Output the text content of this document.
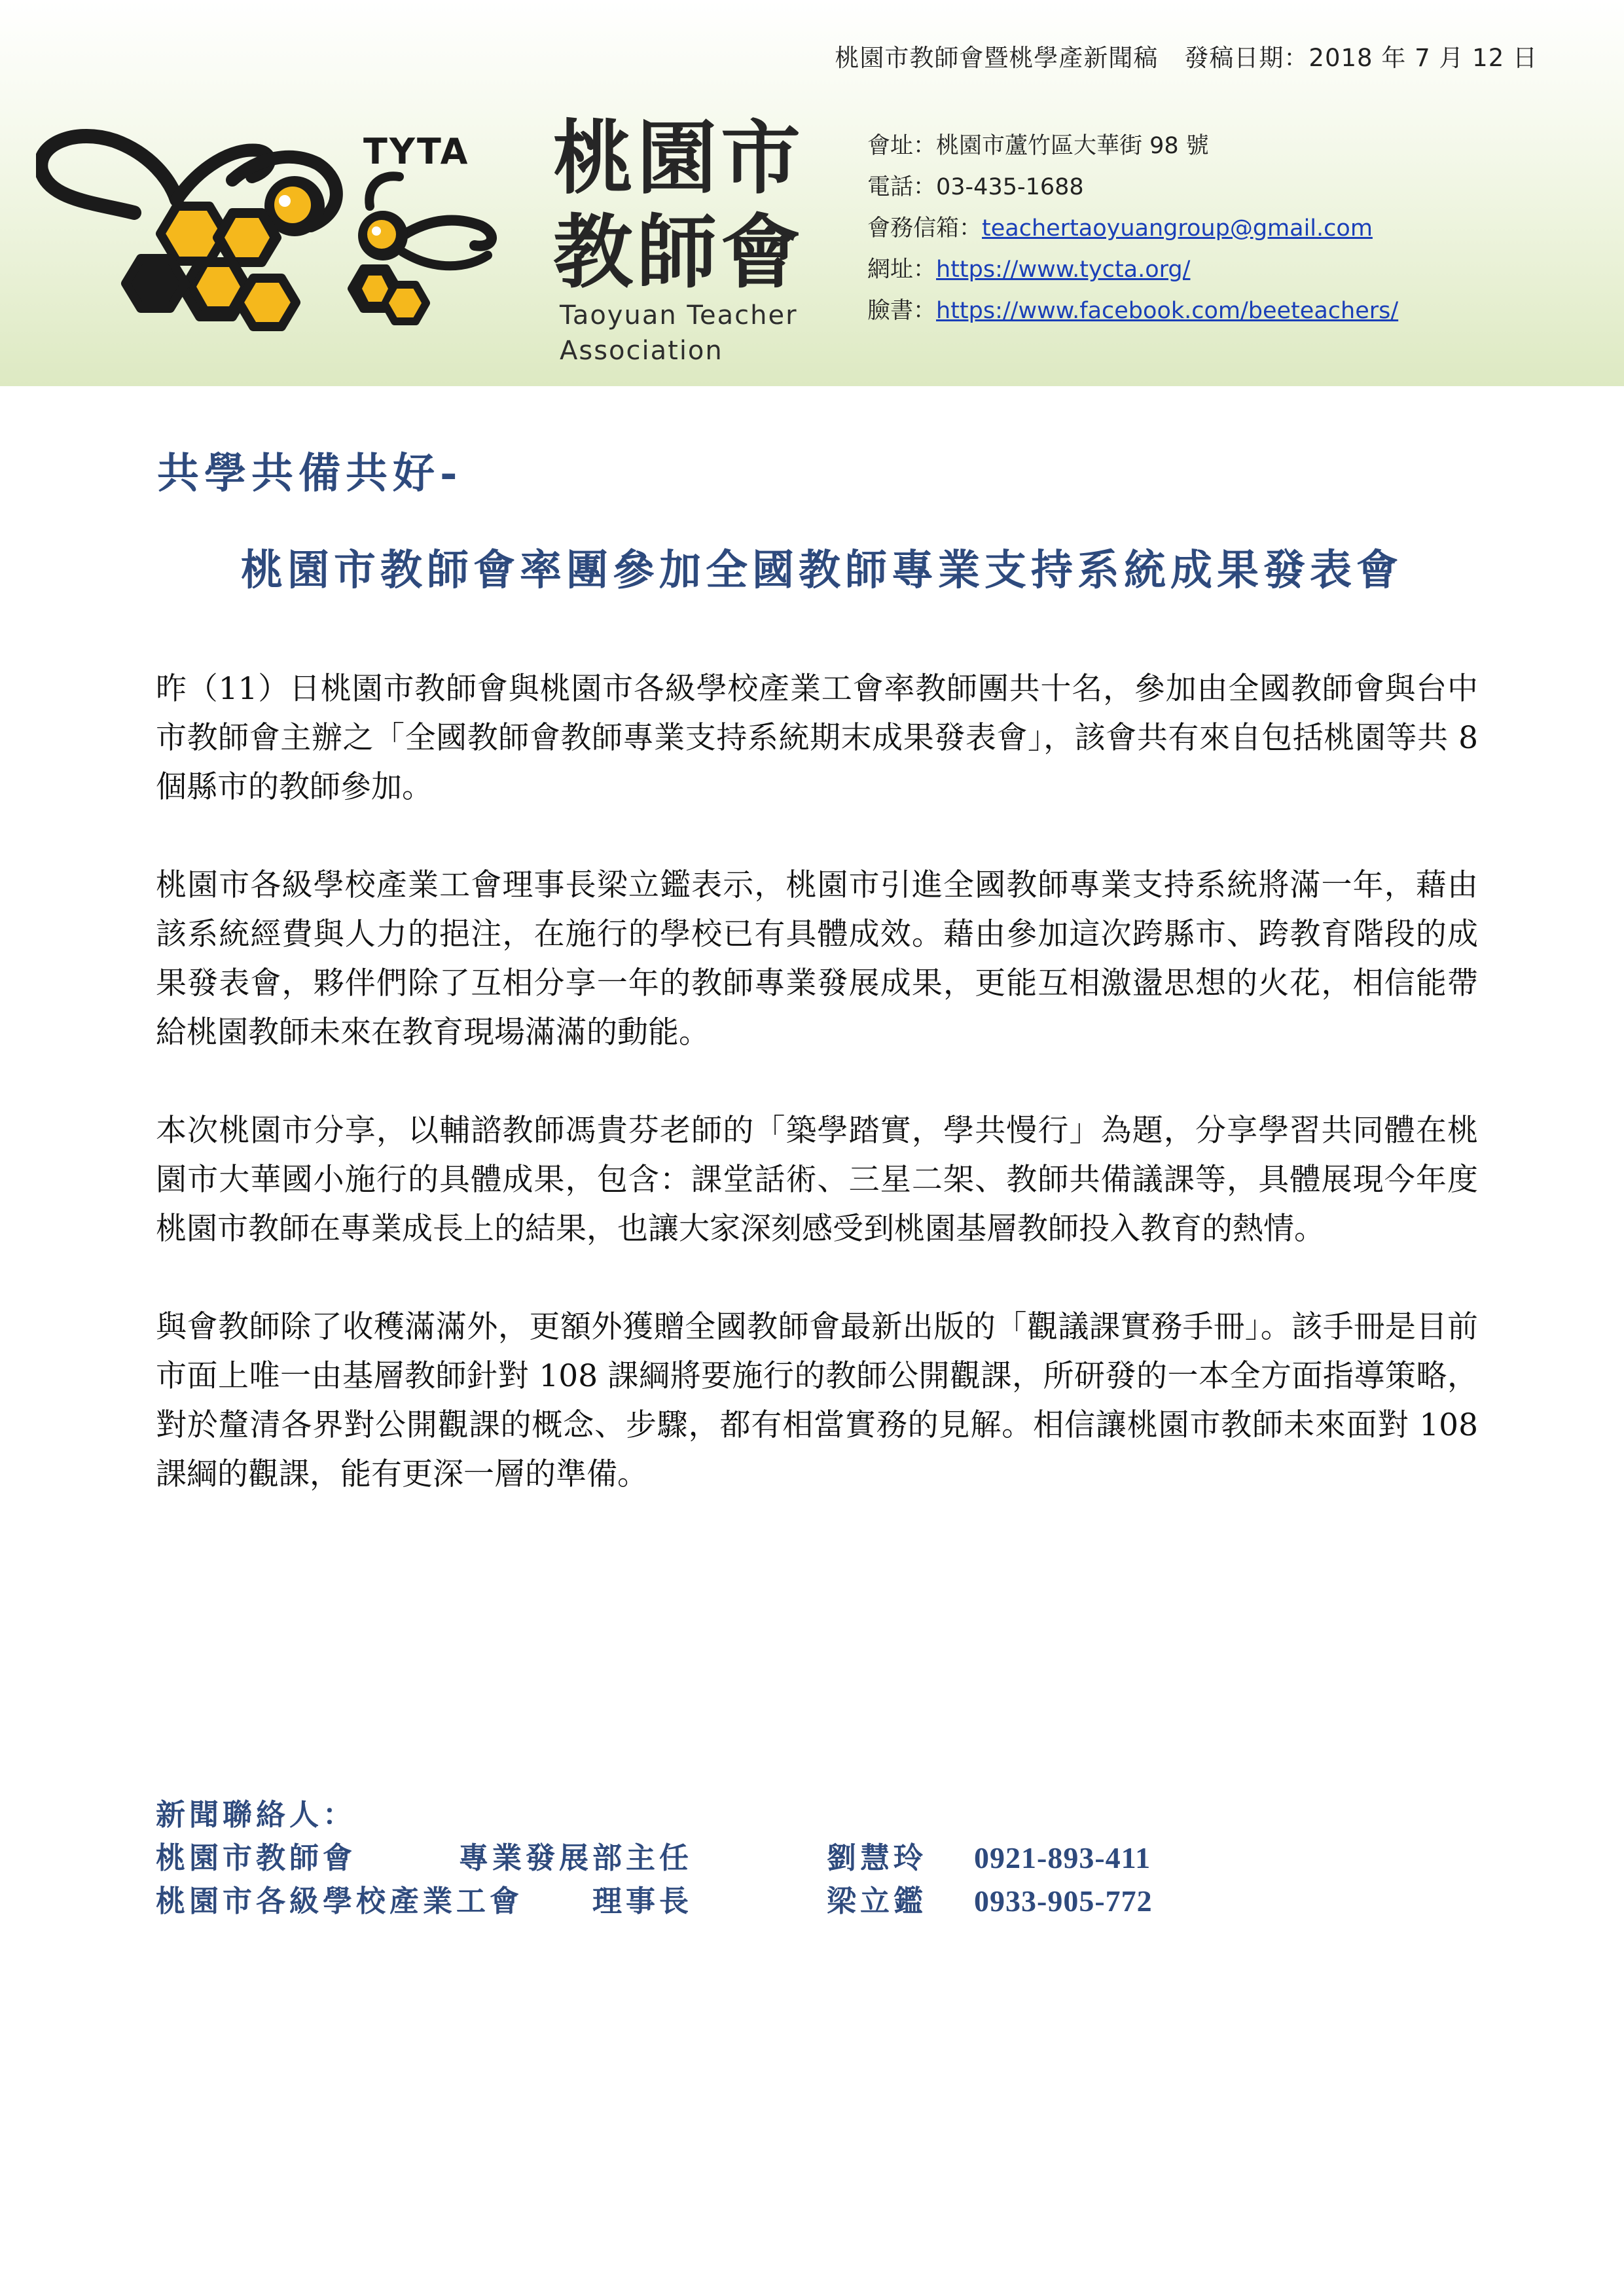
桃園市教師會暨桃學產新聞稿 發稿日期：2018 年 7 月 12 日
TYTA 桃園市
教師會
Taoyuan Teacher
Association
會址：桃園市蘆竹區大華街 98 號
電話：03-435-1688
會務信箱：teachertaoyuangroup@gmail.com
網址：https://www.tycta.org/
臉書：https://www.facebook.com/beeteachers/
共學共備共好-
桃園市教師會率團參加全國教師專業支持系統成果發表會

昨（11）日桃園市教師會與桃園市各級學校產業工會率教師團共十名，參加由全國教師會與台中市教師會主辦之「全國教師會教師專業支持系統期末成果發表會」，該會共有來自包括桃園等共 8 個縣市的教師參加。

桃園市各級學校產業工會理事長梁立鑑表示，桃園市引進全國教師專業支持系統將滿一年，藉由該系統經費與人力的挹注，在施行的學校已有具體成效。藉由參加這次跨縣市、跨教育階段的成果發表會，夥伴們除了互相分享一年的教師專業發展成果，更能互相激盪思想的火花，相信能帶給桃園教師未來在教育現場滿滿的動能。

本次桃園市分享，以輔諮教師馮貴芬老師的「築學踏實，學共慢行」為題，分享學習共同體在桃園市大華國小施行的具體成果，包含：課堂話術、三星二架、教師共備議課等，具體展現今年度桃園市教師在專業成長上的結果，也讓大家深刻感受到桃園基層教師投入教育的熱情。

與會教師除了收穫滿滿外，更額外獲贈全國教師會最新出版的「觀議課實務手冊」。該手冊是目前市面上唯一由基層教師針對 108 課綱將要施行的教師公開觀課，所研發的一本全方面指導策略，對於釐清各界對公開觀課的概念、步驟，都有相當實務的見解。相信讓桃園市教師未來面對 108 課綱的觀課，能有更深一層的準備。

新聞聯絡人：
桃園市教師會	專業發展部主任	劉慧玲 0921-893-411
桃園市各級學校產業工會 理事長	梁立鑑 0933-905-772
